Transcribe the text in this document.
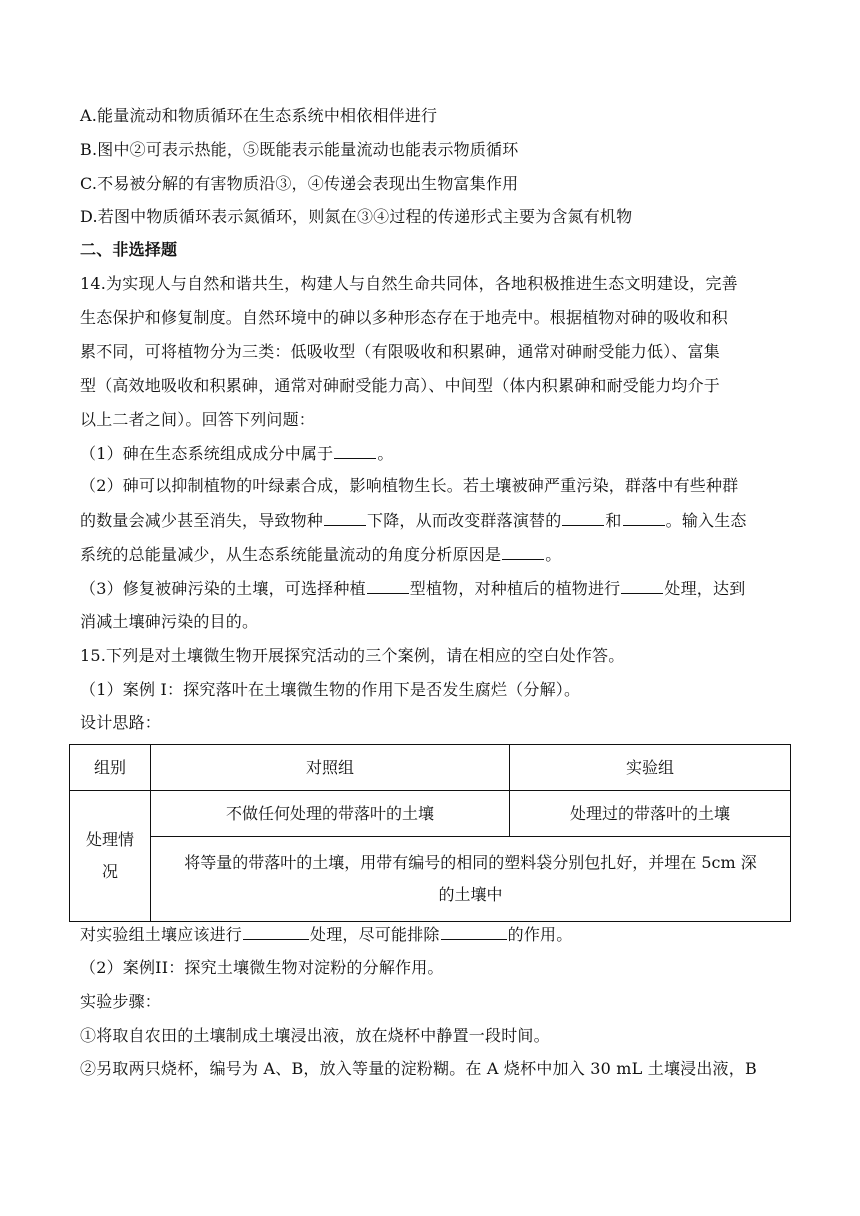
A.能量流动和物质循环在生态系统中相依相伴进行
B.图中②可表示热能，⑤既能表示能量流动也能表示物质循环
C.不易被分解的有害物质沿③，④传递会表现出生物富集作用
D.若图中物质循环表示氮循环，则氮在③④过程的传递形式主要为含氮有机物
二、非选择题
14.为实现人与自然和谐共生，构建人与自然生命共同体，各地积极推进生态文明建设，完善
生态保护和修复制度。自然环境中的砷以多种形态存在于地壳中。根据植物对砷的吸收和积
累不同，可将植物分为三类：低吸收型（有限吸收和积累砷，通常对砷耐受能力低）、富集
型（高效地吸收和积累砷，通常对砷耐受能力高）、中间型（体内积累砷和耐受能力均介于
以上二者之间）。回答下列问题：
（1）砷在生态系统组成成分中属于	。
（2）砷可以抑制植物的叶绿素合成，影响植物生长。若土壤被砷严重污染，群落中有些种群
的数量会减少甚至消失，导致物种	下降，从而改变群落演替的	和	。输入生态
系统的总能量减少，从生态系统能量流动的角度分析原因是	。
（3）修复被砷污染的土壤，可选择种植	型植物，对种植后的植物进行	处理，达到
消减土壤砷污染的目的。
15.下列是对土壤微生物开展探究活动的三个案例，请在相应的空白处作答。
（1）案例 I：探究落叶在土壤微生物的作用下是否发生腐烂（分解）。
设计思路：
组别	对照组	实验组
处理情
况
不做任何处理的带落叶的土壤	处理过的带落叶的土壤
将等量的带落叶的土壤，用带有编号的相同的塑料袋分别包扎好，并埋在 5cm 深
的土壤中
对实验组土壤应该进行	处理，尽可能排除	的作用。
（2）案例II：探究土壤微生物对淀粉的分解作用。
实验步骤：
①将取自农田的土壤制成土壤浸出液，放在烧杯中静置一段时间。
②另取两只烧杯，编号为 A、B，放入等量的淀粉糊。在 A 烧杯中加入 30 mL 土壤浸出液，B
